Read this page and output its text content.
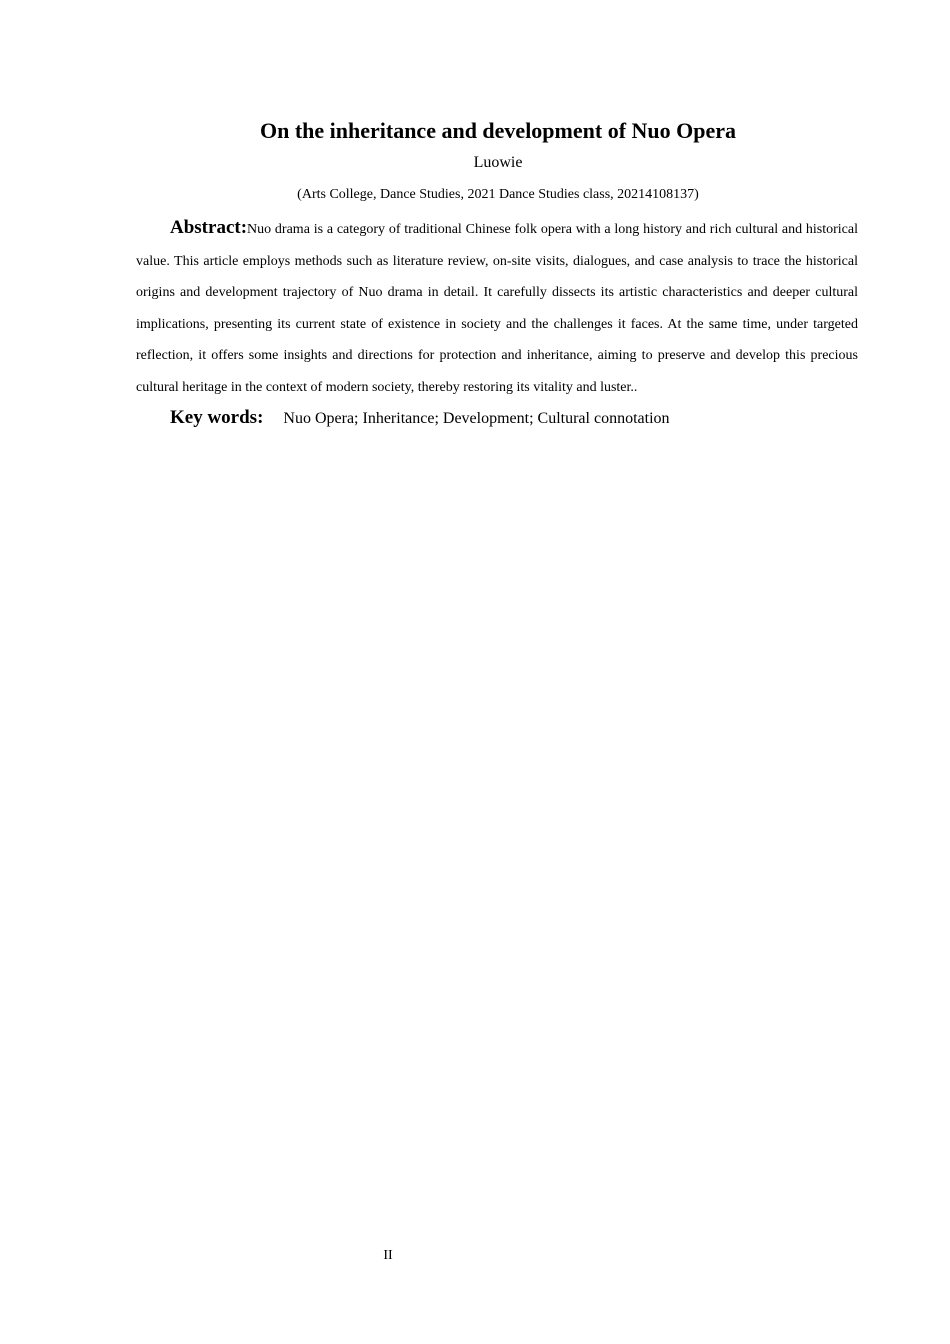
On the inheritance and development of Nuo Opera
Luowie
(Arts College, Dance Studies, 2021 Dance Studies class, 20214108137)

Abstract:Nuo drama is a category of traditional Chinese folk opera with a long history and rich cultural and historical value. This article employs methods such as literature review, on-site visits, dialogues, and case analysis to trace the historical origins and development trajectory of Nuo drama in detail. It carefully dissects its artistic characteristics and deeper cultural implications, presenting its current state of existence in society and the challenges it faces. At the same time, under targeted reflection, it offers some insights and directions for protection and inheritance, aiming to preserve and develop this precious cultural heritage in the context of modern society, thereby restoring its vitality and luster..

Key words: Nuo Opera; Inheritance; Development; Cultural connotation
II
